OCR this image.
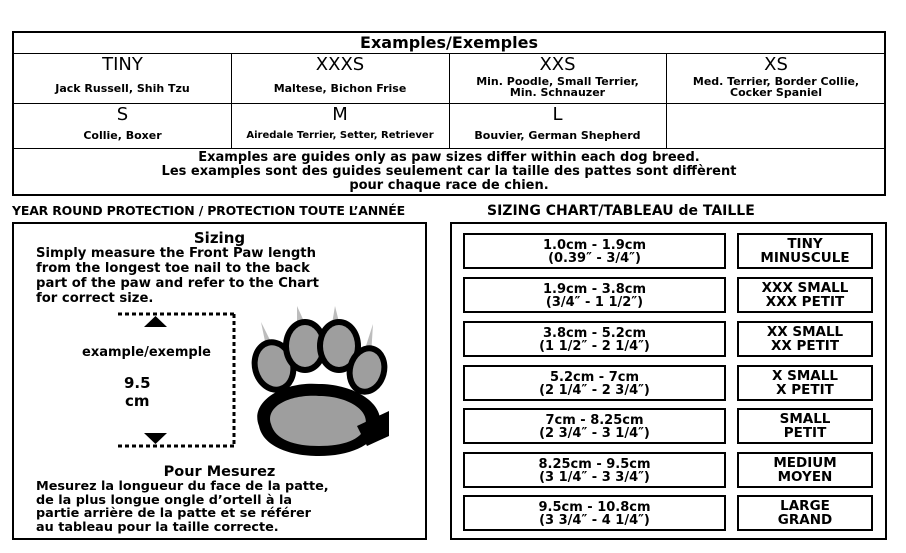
Examples/Exemples
TINY
Jack Russell, Shih Tzu
XXXS
Maltese, Bichon Frise
XXS
Min. Poodle, Small Terrier,
Min. Schnauzer
XS
Med. Terrier, Border Collie,
Cocker Spaniel
S
Collie, Boxer
M
Airedale Terrier, Setter, Retriever
L
Bouvier, German Shepherd
Examples are guides only as paw sizes differ within each dog breed.
Les examples sont des guides seulement car la taille des pattes sont diffèrent
pour chaque race de chien.
YEAR ROUND PROTECTION / PROTECTION TOUTE L’ANNÉE
Sizing
Simply measure the Front Paw length
from the longest toe nail to the back
part of the paw and refer to the Chart
for correct size.
example/exemple
9.5
cm
Pour Mesurez
Mesurez la longueur du face de la patte,
de la plus longue ongle d’ortell à la
partie arrière de la patte et se référer
au tableau pour la taille correcte.
SIZING CHART/TABLEAU de TAILLE
1.0cm - 1.9cm
(0.39″ - 3/4″)
TINY
MINUSCULE
1.9cm - 3.8cm
(3/4″ - 1 1/2″)
XXX SMALL
XXX PETIT
3.8cm - 5.2cm
(1 1/2″ - 2 1/4″)
XX SMALL
XX PETIT
5.2cm - 7cm
(2 1/4″ - 2 3/4″)
X SMALL
X PETIT
7cm - 8.25cm
(2 3/4″ - 3 1/4″)
SMALL
PETIT
8.25cm - 9.5cm
(3 1/4″ - 3 3/4″)
MEDIUM
MOYEN
9.5cm - 10.8cm
(3 3/4″ - 4 1/4″)
LARGE
GRAND
